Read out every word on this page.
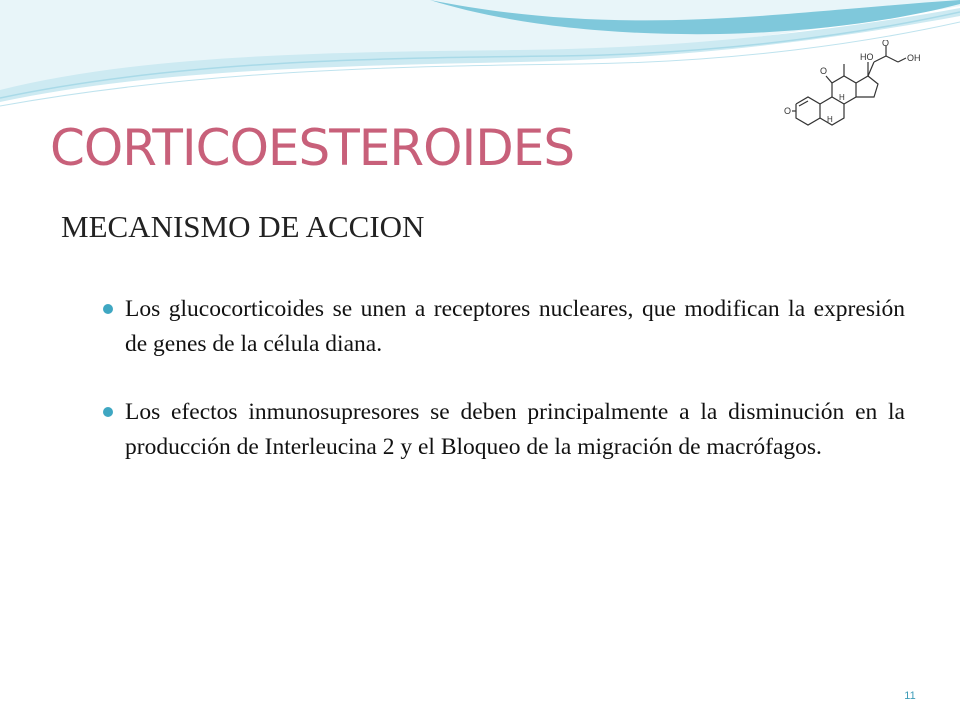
O
O
HO
O
OH
H
H
CORTICOESTEROIDES
MECANISMO DE ACCION
Los glucocorticoides se unen a receptores nucleares, que modifican la expresión de genes de la célula diana.
Los efectos inmunosupresores se deben principalmente a la disminución en la producción de Interleucina 2 y el Bloqueo de la migración de macrófagos.
11
